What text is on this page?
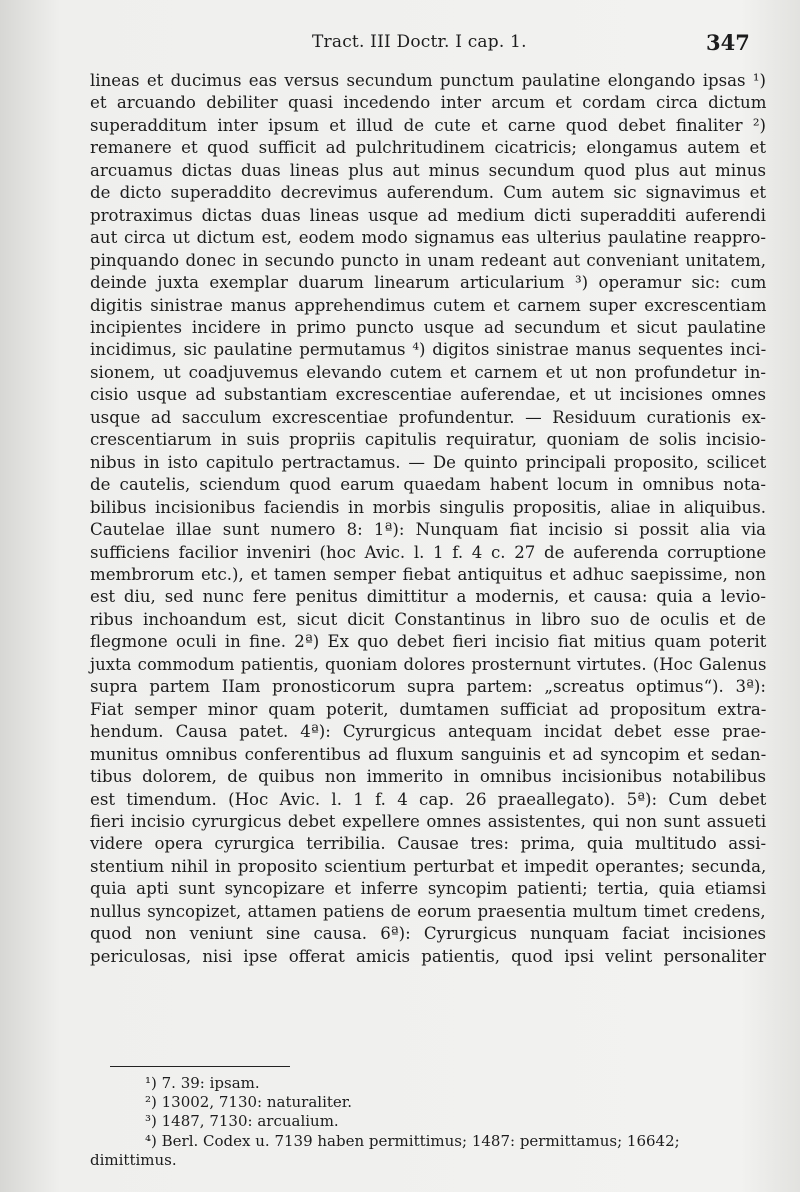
Tract. III Doctr. I cap. 1.	347
lineas et ducimus eas versus secundum punctum paulatine elongando ipsas ¹)
et arcuando debiliter quasi incedendo inter arcum et cordam circa dictum
superadditum inter ipsum et illud de cute et carne quod debet finaliter ²)
remanere et quod sufficit ad pulchritudinem cicatricis; elongamus autem et
arcuamus dictas duas lineas plus aut minus secundum quod plus aut minus
de dicto superaddito decrevimus auferendum. Cum autem sic signavimus et
protraximus dictas duas lineas usque ad medium dicti superadditi auferendi
aut circa ut dictum est, eodem modo signamus eas ulterius paulatine reappro-
pinquando donec in secundo puncto in unam redeant aut conveniant unitatem,
deinde juxta exemplar duarum linearum articularium ³) operamur sic: cum
digitis sinistrae manus apprehendimus cutem et carnem super excrescentiam
incipientes incidere in primo puncto usque ad secundum et sicut paulatine
incidimus, sic paulatine permutamus ⁴) digitos sinistrae manus sequentes inci-
sionem, ut coadjuvemus elevando cutem et carnem et ut non profundetur in-
cisio usque ad substantiam excrescentiae auferendae, et ut incisiones omnes
usque ad sacculum excrescentiae profundentur. — Residuum curationis ex-
crescentiarum in suis propriis capitulis requiratur, quoniam de solis incisio-
nibus in isto capitulo pertractamus. — De quinto principali proposito, scilicet
de cautelis, sciendum quod earum quaedam habent locum in omnibus nota-
bilibus incisionibus faciendis in morbis singulis propositis, aliae in aliquibus.
Cautelae illae sunt numero 8: 1ª): Nunquam fiat incisio si possit alia via
sufficiens facilior inveniri (hoc Avic. l. 1 f. 4 c. 27 de auferenda corruptione
membrorum etc.), et tamen semper fiebat antiquitus et adhuc saepissime, non
est diu, sed nunc fere penitus dimittitur a modernis, et causa: quia a levio-
ribus inchoandum est, sicut dicit Constantinus in libro suo de oculis et de
flegmone oculi in fine. 2ª) Ex quo debet fieri incisio fiat mitius quam poterit
juxta commodum patientis, quoniam dolores prosternunt virtutes. (Hoc Galenus
supra partem IIam pronosticorum supra partem: „screatus optimus“). 3ª):
Fiat semper minor quam poterit, dumtamen sufficiat ad propositum extra-
hendum. Causa patet. 4ª): Cyrurgicus antequam incidat debet esse prae-
munitus omnibus conferentibus ad fluxum sanguinis et ad syncopim et sedan-
tibus dolorem, de quibus non immerito in omnibus incisionibus notabilibus
est timendum. (Hoc Avic. l. 1 f. 4 cap. 26 praeallegato). 5ª): Cum debet
fieri incisio cyrurgicus debet expellere omnes assistentes, qui non sunt assueti
videre opera cyrurgica terribilia. Causae tres: prima, quia multitudo assi-
stentium nihil in proposito scientium perturbat et impedit operantes; secunda,
quia apti sunt syncopizare et inferre syncopim patienti; tertia, quia etiamsi
nullus syncopizet, attamen patiens de eorum praesentia multum timet credens,
quod non veniunt sine causa. 6ª): Cyrurgicus nunquam faciat incisiones
periculosas, nisi ipse offerat amicis patientis, quod ipsi velint personaliter
¹) 7. 39: ipsam.
²) 13002, 7130: naturaliter.
³) 1487, 7130: arcualium.
⁴) Berl. Codex u. 7139 haben permittimus; 1487: permittamus; 16642;
dimittimus.
